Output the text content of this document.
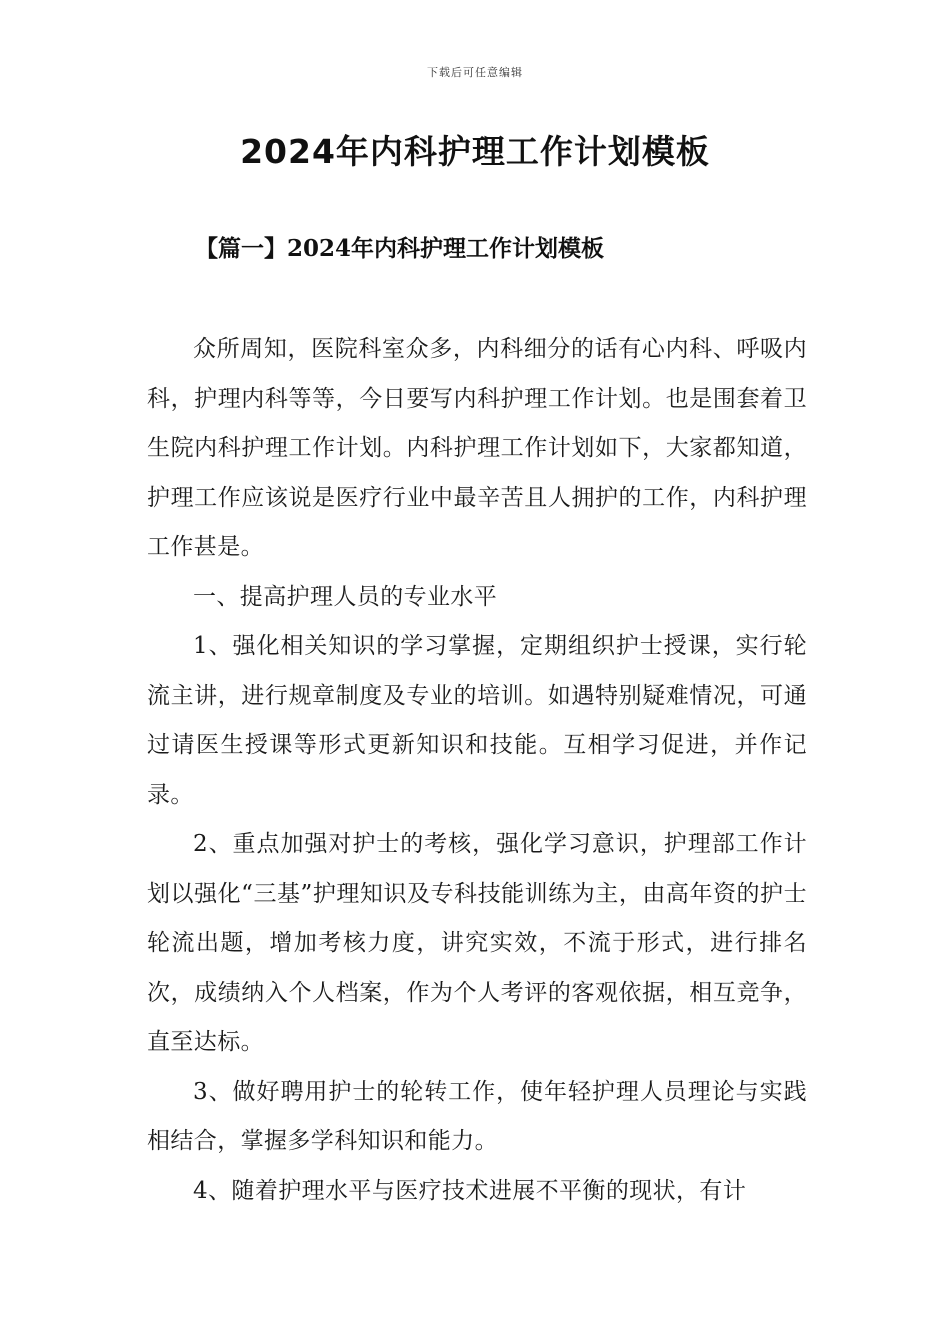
下载后可任意编辑
2024年内科护理工作计划模板
【篇一】2024年内科护理工作计划模板

众所周知，医院科室众多，内科细分的话有心内科、呼吸内科，护理内科等等，今日要写内科护理工作计划。也是围套着卫生院内科护理工作计划。内科护理工作计划如下，大家都知道，护理工作应该说是医疗行业中最辛苦且人拥护的工作，内科护理工作甚是。

一、提高护理人员的专业水平

1、强化相关知识的学习掌握，定期组织护士授课，实行轮流主讲，进行规章制度及专业的培训。如遇特别疑难情况，可通过请医生授课等形式更新知识和技能。互相学习促进，并作记录。

2、重点加强对护士的考核，强化学习意识，护理部工作计划以强化“三基”护理知识及专科技能训练为主，由高年资的护士轮流出题，增加考核力度，讲究实效，不流于形式，进行排名次，成绩纳入个人档案，作为个人考评的客观依据，相互竞争，直至达标。

3、做好聘用护士的轮转工作，使年轻护理人员理论与实践相结合，掌握多学科知识和能力。

4、随着护理水平与医疗技术进展不平衡的现状，有计
